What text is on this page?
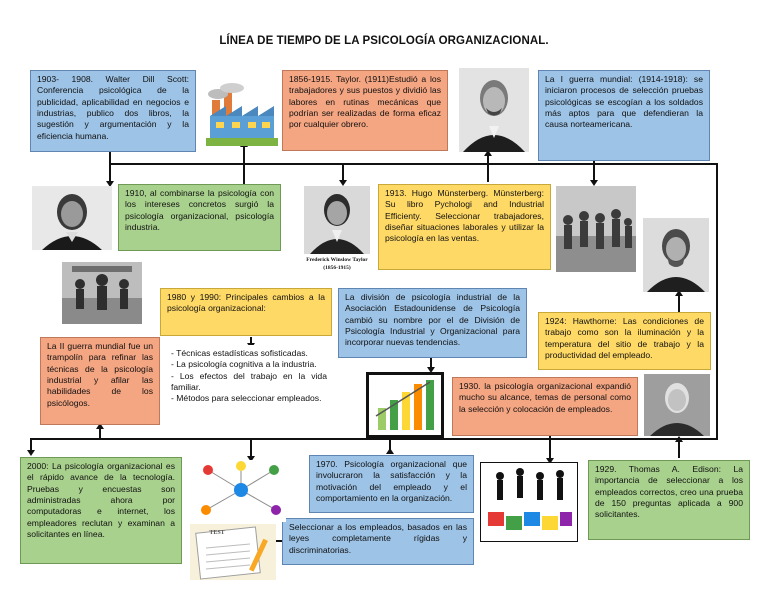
LÍNEA DE TIEMPO DE LA PSICOLOGÍA ORGANIZACIONAL.
1903- 1908. Walter Dill Scott: Conferencia psicológica de la publicidad, aplicabilidad en negocios e industrias, publico dos libros, la sugestión y argumentación y la eficiencia humana.
1856-1915. Taylor. (1911)Estudió a los trabajadores y sus puestos y dividió las labores en rutinas mecánicas que podrían ser realizadas de forma eficaz por cualquier obrero.
La I guerra mundial: (1914-1918): se iniciaron procesos de selección pruebas psicológicas se escogían a los soldados más aptos para que defendieran la causa norteamericana.
1910, al combinarse la psicología con los intereses concretos surgió la psicología organizacional, psicología industria.
1913. Hugo Münsterberg. Münsterberg: Su libro Pychologi and Industrial Efficienty. Seleccionar trabajadores, diseñar situaciones laborales y utilizar la psicología en las ventas.
La II guerra mundial fue un trampolín para refinar las técnicas de la psicología industrial y afilar las habilidades de los psicólogos.
1980 y 1990: Principales cambios a la psicología organizacional:
- Técnicas estadísticas sofisticadas.
- La psicología cognitiva a la industria.
- Los efectos del trabajo en la vida familiar.
- Métodos para seleccionar empleados.
La división de psicología industrial de la Asociación Estadounidense de Psicología cambió su nombre por el de División de Psicología Industrial y Organizacional para incorporar nuevas tendencias.
1924: Hawthorne: Las condiciones de trabajo como son la iluminación y la temperatura del sitio de trabajo y la productividad del empleado.
1930. la psicología organizacional expandió mucho su alcance, temas de personal como la selección y colocación de empleados.
2000: La psicología organizacional es el rápido avance de la tecnología. Pruebas y encuestas son administradas ahora por computadoras e internet, los empleadores reclutan y examinan a solicitantes en línea.
1970. Psicología organizacional que involucraron la satisfacción y la motivación del empleado y el comportamiento en la organización.
Seleccionar a los empleados, basados en las leyes completamente rígidas y discriminatorias.
1929. Thomas A. Edison: La importancia de seleccionar a los empleados correctos, creo una prueba de 150 preguntas aplicada a 900 solicitantes.
Frederick Winslow Taylor
(1856-1915)
TEST
